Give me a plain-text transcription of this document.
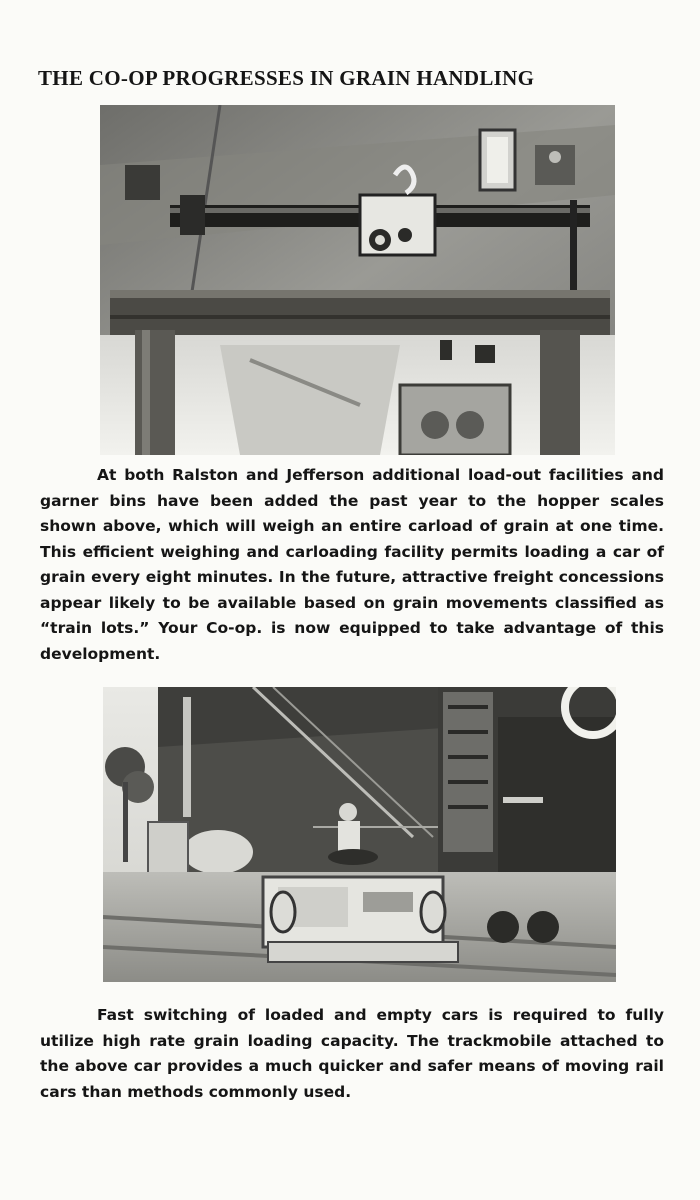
THE CO-OP PROGRESSES IN GRAIN HANDLING

At both Ralston and Jefferson additional load-out facilities and garner bins have been added the past year to the hopper scales shown above, which will weigh an entire carload of grain at one time. This efficient weighing and carloading facility permits loading a car of grain every eight minutes. In the future, attractive freight concessions appear likely to be available based on grain movements classified as “train lots.” Your Co-op. is now equipped to take advantage of this development.

Fast switching of loaded and empty cars is required to fully utilize high rate grain loading capacity. The trackmobile attached to the above car provides a much quicker and safer means of moving rail cars than methods commonly used.
